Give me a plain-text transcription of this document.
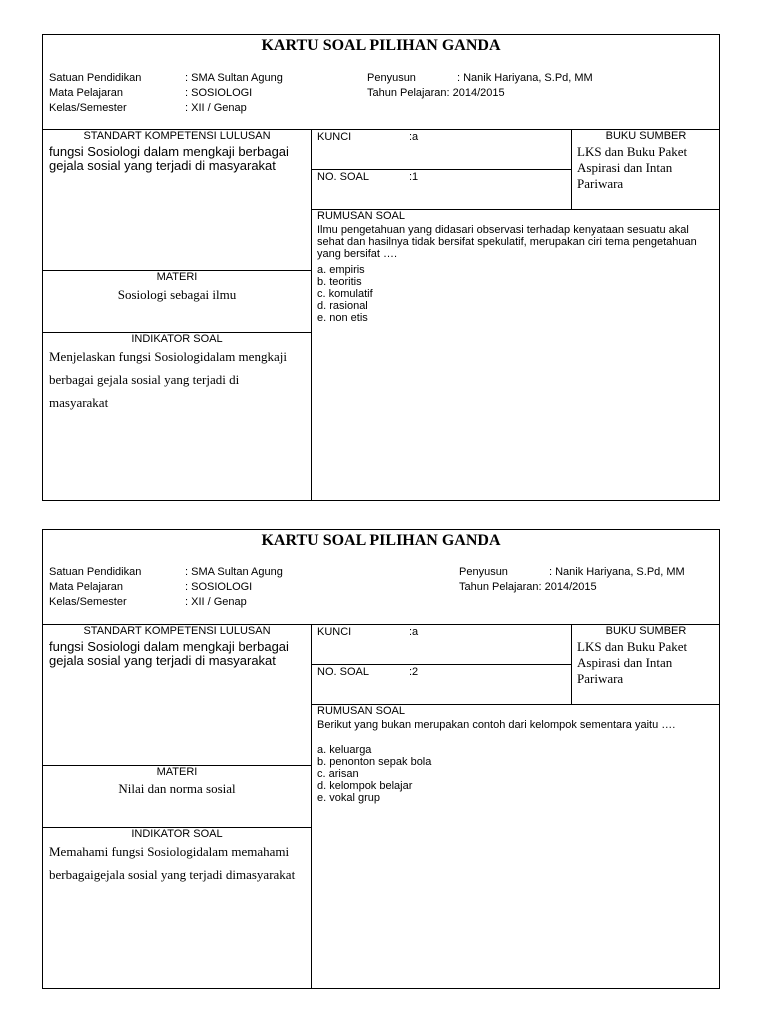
KARTU SOAL PILIHAN GANDA
Satuan Pendidikan	: SMA Sultan Agung
Mata Pelajaran	: SOSIOLOGI
Kelas/Semester	: XII / Genap
Penyusun	: Nanik Hariyana, S.Pd, MM
Tahun Pelajaran: 2014/2015
STANDART KOMPETENSI LULUSAN
fungsi Sosiologi dalam mengkaji berbagai gejala sosial yang terjadi di masyarakat
MATERI
Sosiologi sebagai ilmu
INDIKATOR SOAL
Menjelaskan fungsi Sosiologidalam mengkaji berbagai gejala sosial yang terjadi di masyarakat
KUNCI	:a
NO. SOAL	:1
BUKU SUMBER
LKS dan Buku Paket Aspirasi dan Intan Pariwara
RUMUSAN SOAL
Ilmu pengetahuan yang didasari observasi terhadap kenyataan sesuatu akal sehat dan hasilnya tidak bersifat spekulatif, merupakan ciri tema pengetahuan yang bersifat ….
a. empiris
b. teoritis
c. komulatif
d. rasional
e. non etis
KARTU SOAL PILIHAN GANDA
Satuan Pendidikan	: SMA Sultan Agung
Mata Pelajaran	: SOSIOLOGI
Kelas/Semester	: XII / Genap
Penyusun	: Nanik Hariyana, S.Pd, MM
Tahun Pelajaran: 2014/2015
STANDART KOMPETENSI LULUSAN
fungsi Sosiologi dalam mengkaji berbagai gejala sosial yang terjadi di masyarakat
MATERI
Nilai dan norma sosial
INDIKATOR SOAL
Memahami fungsi Sosiologidalam memahami berbagaigejala sosial yang terjadi dimasyarakat
KUNCI	:a
NO. SOAL	:2
BUKU SUMBER
LKS dan Buku Paket Aspirasi dan Intan Pariwara
RUMUSAN SOAL
Berikut yang bukan merupakan contoh dari kelompok sementara yaitu ….
a. keluarga
b. penonton sepak bola
c. arisan
d. kelompok belajar
e. vokal grup
